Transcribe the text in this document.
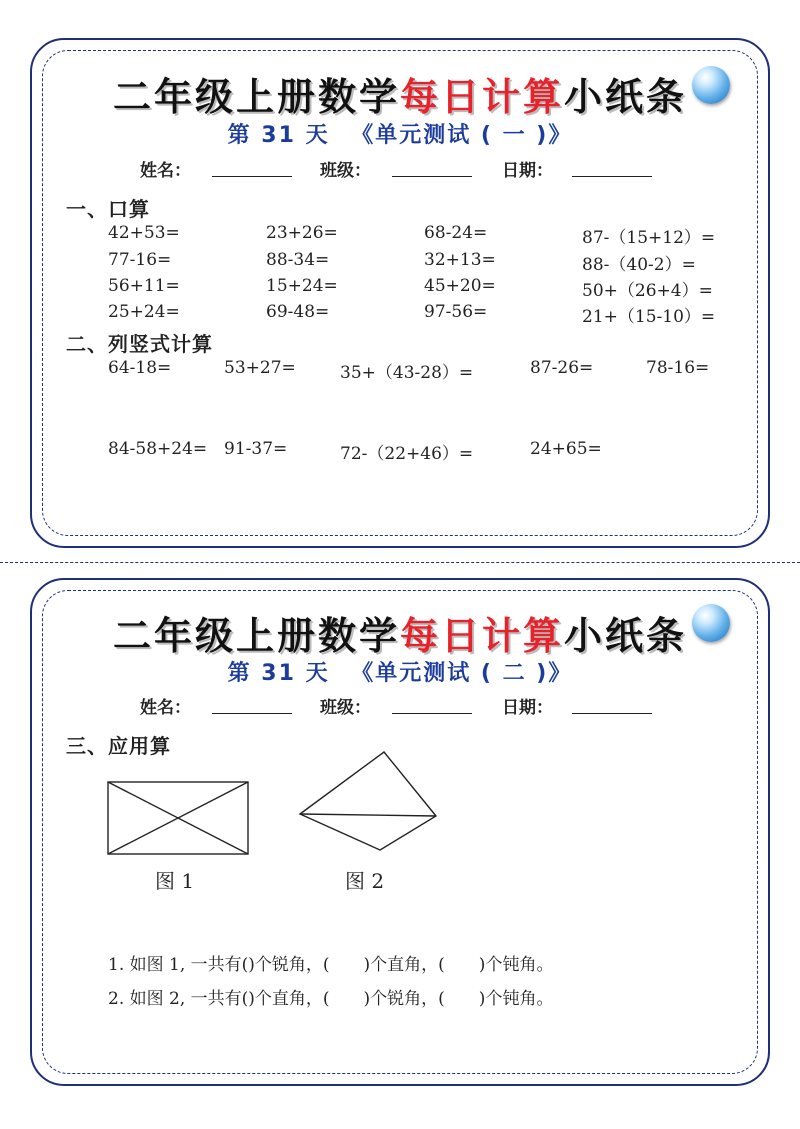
二年级上册数学每日计算小纸条
第 31 天 《单元测试 ( 一 )》
姓名：	班级：	日期：
一、口算
42+53=	23+26=	68-24=	87-（15+12）=
77-16=	88-34=	32+13=	88-（40-2）=
56+11=	15+24=	45+20=	50+（26+4）=
25+24=	69-48=	97-56=	21+（15-10）=
二、列竖式计算
64-18=	53+27=	35+（43-28）=	87-26=	78-16=
84-58+24= 91-37=	72-（22+46）=	24+65=
二年级上册数学每日计算小纸条
第 31 天 《单元测试 ( 二 )》
姓名：	班级：	日期：
三、应用算
图 1	图 2
1. 如图 1, 一共有()个锐角，(　　)个直角，(　　)个钝角。
2. 如图 2, 一共有()个直角，(　　)个锐角，(　　)个钝角。
